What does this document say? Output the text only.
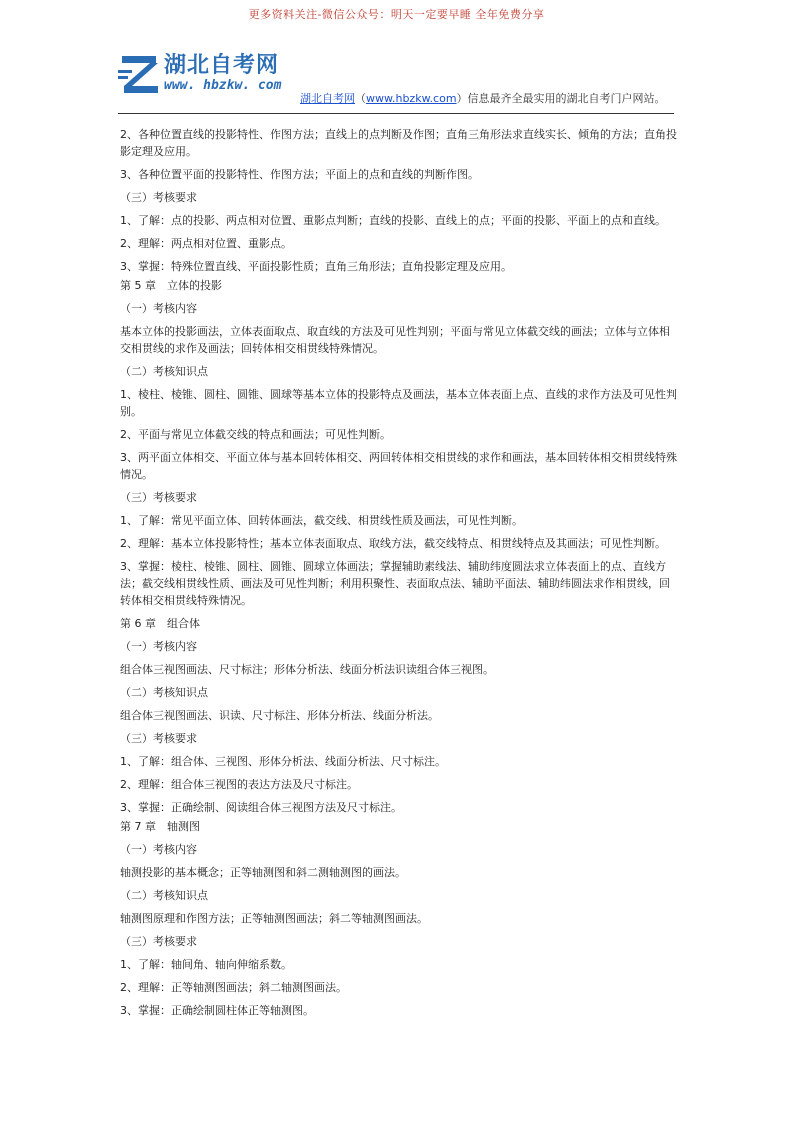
更多资料关注-微信公众号：明天一定要早睡 全年免费分享
湖北自考网
www. hbzkw. com
湖北自考网（www.hbzkw.com）信息最齐全最实用的湖北自考门户网站。

2、各种位置直线的投影特性、作图方法；直线上的点判断及作图；直角三角形法求直线实长、倾角的方法；直角投影定理及应用。

3、各种位置平面的投影特性、作图方法；平面上的点和直线的判断作图。

（三）考核要求

1、了解：点的投影、两点相对位置、重影点判断；直线的投影、直线上的点；平面的投影、平面上的点和直线。

2、理解：两点相对位置、重影点。

3、掌握：特殊位置直线、平面投影性质；直角三角形法；直角投影定理及应用。

第 5 章　立体的投影

（一）考核内容

基本立体的投影画法，立体表面取点、取直线的方法及可见性判别；平面与常见立体截交线的画法；立体与立体相交相贯线的求作及画法；回转体相交相贯线特殊情况。

（二）考核知识点

1、棱柱、棱锥、圆柱、圆锥、圆球等基本立体的投影特点及画法，基本立体表面上点、直线的求作方法及可见性判别。

2、平面与常见立体截交线的特点和画法；可见性判断。

3、两平面立体相交、平面立体与基本回转体相交、两回转体相交相贯线的求作和画法，基本回转体相交相贯线特殊情况。

（三）考核要求

1、了解：常见平面立体、回转体画法，截交线、相贯线性质及画法，可见性判断。

2、理解：基本立体投影特性；基本立体表面取点、取线方法，截交线特点、相贯线特点及其画法；可见性判断。

3、掌握：棱柱、棱锥、圆柱、圆锥、圆球立体画法；掌握辅助素线法、辅助纬度圆法求立体表面上的点、直线方法；截交线相贯线性质、画法及可见性判断；利用积聚性、表面取点法、辅助平面法、辅助纬圆法求作相贯线，回转体相交相贯线特殊情况。

第 6 章　组合体

（一）考核内容

组合体三视图画法、尺寸标注；形体分析法、线面分析法识读组合体三视图。

（二）考核知识点

组合体三视图画法、识读、尺寸标注、形体分析法、线面分析法。

（三）考核要求

1、了解：组合体、三视图、形体分析法、线面分析法、尺寸标注。

2、理解：组合体三视图的表达方法及尺寸标注。

3、掌握：正确绘制、阅读组合体三视图方法及尺寸标注。

第 7 章　轴测图

（一）考核内容

轴测投影的基本概念；正等轴测图和斜二测轴测图的画法。

（二）考核知识点

轴测图原理和作图方法；正等轴测图画法；斜二等轴测图画法。

（三）考核要求

1、了解：轴间角、轴向伸缩系数。

2、理解：正等轴测图画法；斜二轴测图画法。

3、掌握：正确绘制圆柱体正等轴测图。
